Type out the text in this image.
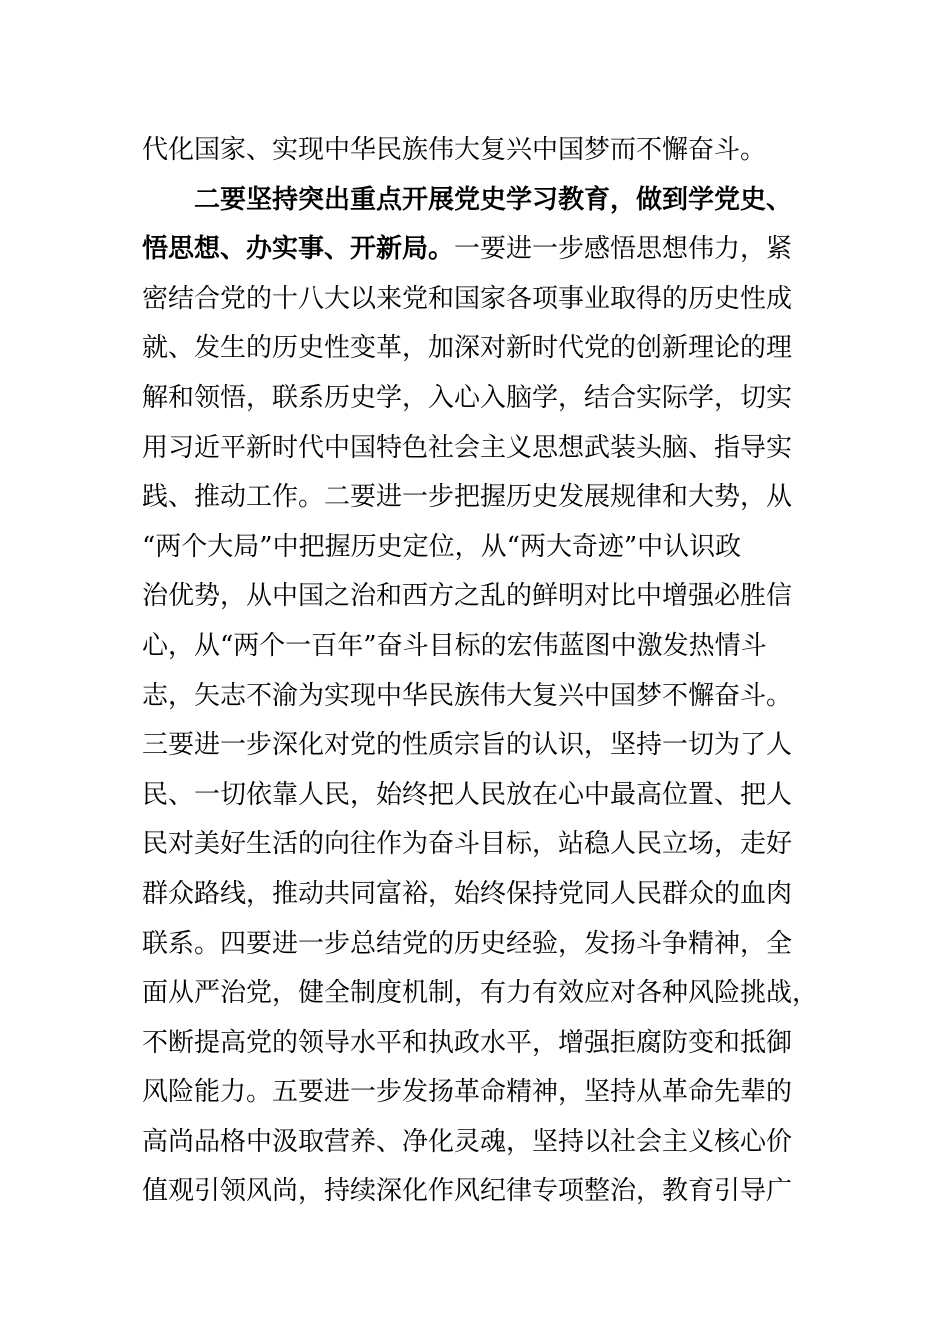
代化国家、实现中华民族伟大复兴中国梦而不懈奋斗。
二要坚持突出重点开展党史学习教育，做到学党史、
悟思想、办实事、开新局。一要进一步感悟思想伟力，紧
密结合党的十八大以来党和国家各项事业取得的历史性成
就、发生的历史性变革，加深对新时代党的创新理论的理
解和领悟，联系历史学，入心入脑学，结合实际学，切实
用习近平新时代中国特色社会主义思想武装头脑、指导实
践、推动工作。二要进一步把握历史发展规律和大势，从
“两个大局”中把握历史定位，从“两大奇迹”中认识政
治优势，从中国之治和西方之乱的鲜明对比中增强必胜信
心，从“两个一百年”奋斗目标的宏伟蓝图中激发热情斗
志，矢志不渝为实现中华民族伟大复兴中国梦不懈奋斗。
三要进一步深化对党的性质宗旨的认识，坚持一切为了人
民、一切依靠人民，始终把人民放在心中最高位置、把人
民对美好生活的向往作为奋斗目标，站稳人民立场，走好
群众路线，推动共同富裕，始终保持党同人民群众的血肉
联系。四要进一步总结党的历史经验，发扬斗争精神，全
面从严治党，健全制度机制，有力有效应对各种风险挑战，
不断提高党的领导水平和执政水平，增强拒腐防变和抵御
风险能力。五要进一步发扬革命精神，坚持从革命先辈的
高尚品格中汲取营养、净化灵魂，坚持以社会主义核心价
值观引领风尚，持续深化作风纪律专项整治，教育引导广
